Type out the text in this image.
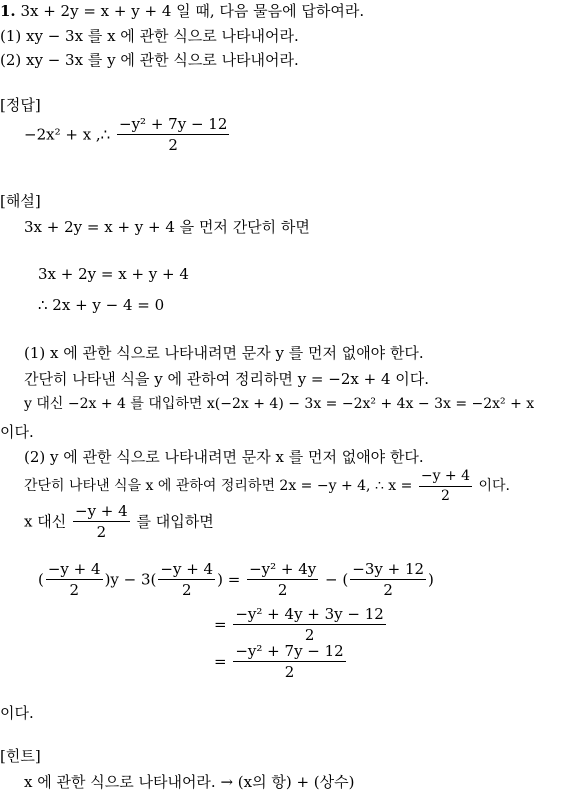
1. 3x + 2y = x + y + 4 일 때, 다음 물음에 답하여라.
(1) xy − 3x 를 x 에 관한 식으로 나타내어라.
(2) xy − 3x 를 y 에 관한 식으로 나타내어라.
[정답]
−2x² + x ,∴ $\frac{\text{−y² + 7y − 12}}{2}$
[해설]
3x + 2y = x + y + 4 을 먼저 간단히 하면
3x + 2y = x + y + 4
∴ 2x + y − 4 = 0
(1) x 에 관한 식으로 나타내려면 문자 y 를 먼저 없애야 한다.
간단히 나타낸 식을 y 에 관하여 정리하면 y = −2x + 4 이다.
y 대신 −2x + 4 를 대입하면 x(−2x + 4) − 3x = −2x² + 4x − 3x = −2x² + x
이다.
(2) y 에 관한 식으로 나타내려면 문자 x 를 먼저 없애야 한다.
간단히 나타낸 식을 x 에 관하여 정리하면 2x = −y + 4, ∴ $x = \frac{-y + 4}{2}$ 이다.
x 대신 $\frac{-y + 4}{2}$ 를 대입하면
( $\frac{-y + 4}{2} )y - 3( \frac{-y + 4}{2}$ ) = $\frac{\text{−y² + 4y}}{2}$ − ( $\frac{-3y + 12}{2}$ )
= $\frac{\text{−y² + 4y + 3y − 12}}{2}$
= $\frac{\text{−y² + 7y − 12}}{2}$
이다.
[힌트]
x 에 관한 식으로 나타내어라. → (x의 항) + (상수)
